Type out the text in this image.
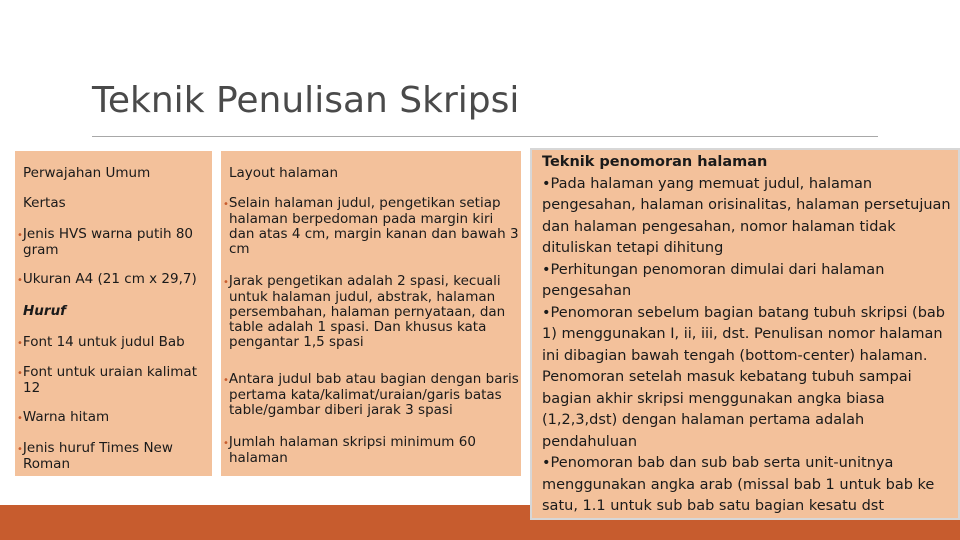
Teknik Penulisan Skripsi

Perwajahan Umum

Kertas

•Jenis HVS warna putih 80
gram
•Ukuran A4 (21 cm x 29,7)

Huruf

•Font 14 untuk judul Bab
•Font untuk uraian kalimat
12
•Warna hitam
•Jenis huruf Times New
Roman

Layout halaman

•Selain halaman judul, pengetikan setiap
halaman berpedoman pada margin kiri
dan atas 4 cm, margin kanan dan bawah 3
cm
•Jarak pengetikan adalah 2 spasi, kecuali
untuk halaman judul, abstrak, halaman
persembahan, halaman pernyataan, dan
table adalah 1 spasi. Dan khusus kata
pengantar 1,5 spasi
•Antara judul bab atau bagian dengan baris
pertama kata/kalimat/uraian/garis batas
table/gambar diberi jarak 3 spasi
•Jumlah halaman skripsi minimum 60
halaman
Teknik penomoran halaman
•Pada halaman yang memuat judul, halaman
pengesahan, halaman orisinalitas, halaman persetujuan
dan halaman pengesahan, nomor halaman tidak
dituliskan tetapi dihitung
•Perhitungan penomoran dimulai dari halaman
pengesahan
•Penomoran sebelum bagian batang tubuh skripsi (bab
1) menggunakan I, ii, iii, dst. Penulisan nomor halaman
ini dibagian bawah tengah (bottom-center) halaman.
Penomoran setelah masuk kebatang tubuh sampai
bagian akhir skripsi menggunakan angka biasa
(1,2,3,dst) dengan halaman pertama adalah
pendahuluan
•Penomoran bab dan sub bab serta unit-unitnya
menggunakan angka arab (missal bab 1 untuk bab ke
satu, 1.1 untuk sub bab satu bagian kesatu dst
